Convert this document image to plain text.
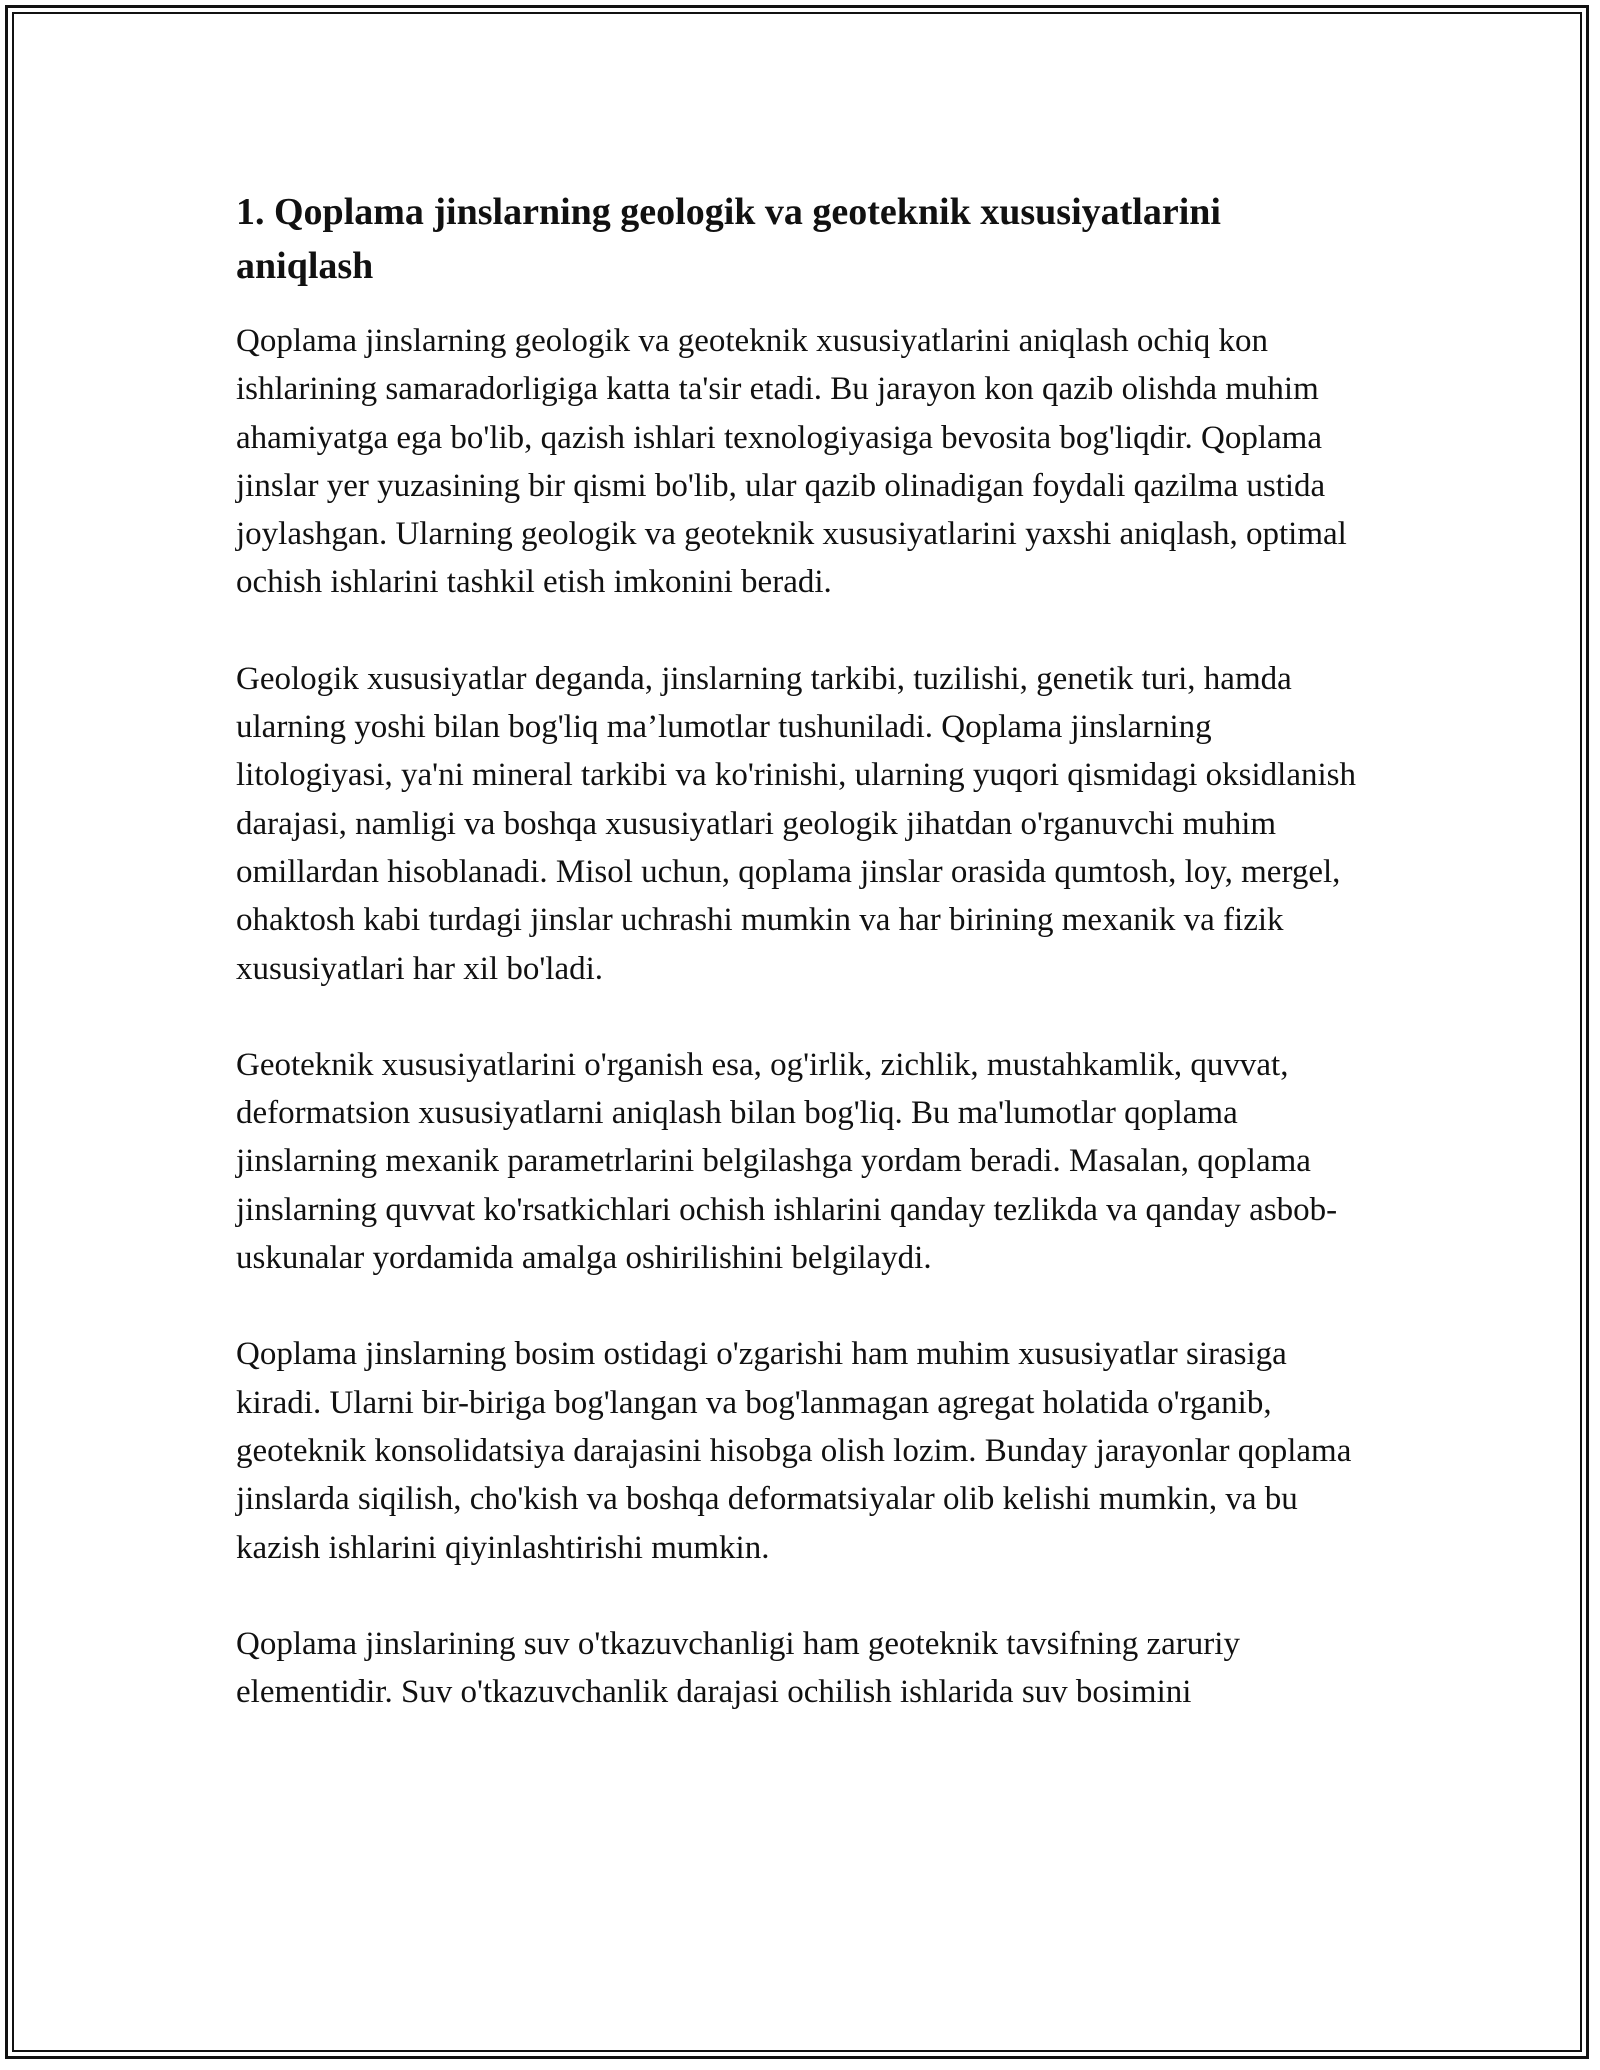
1. Qoplama jinslarning geologik va geoteknik xususiyatlarini aniqlash

Qoplama jinslarning geologik va geoteknik xususiyatlarini aniqlash ochiq kon ishlarining samaradorligiga katta ta'sir etadi. Bu jarayon kon qazib olishda muhim ahamiyatga ega bo'lib, qazish ishlari texnologiyasiga bevosita bog'liqdir. Qoplama jinslar yer yuzasining bir qismi bo'lib, ular qazib olinadigan foydali qazilma ustida joylashgan. Ularning geologik va geoteknik xususiyatlarini yaxshi aniqlash, optimal ochish ishlarini tashkil etish imkonini beradi.

Geologik xususiyatlar deganda, jinslarning tarkibi, tuzilishi, genetik turi, hamda ularning yoshi bilan bog'liq ma’lumotlar tushuniladi. Qoplama jinslarning litologiyasi, ya'ni mineral tarkibi va ko'rinishi, ularning yuqori qismidagi oksidlanish darajasi, namligi va boshqa xususiyatlari geologik jihatdan o'rganuvchi muhim omillardan hisoblanadi. Misol uchun, qoplama jinslar orasida qumtosh, loy, mergel, ohaktosh kabi turdagi jinslar uchrashi mumkin va har birining mexanik va fizik xususiyatlari har xil bo'ladi.

Geoteknik xususiyatlarini o'rganish esa, og'irlik, zichlik, mustahkamlik, quvvat, deformatsion xususiyatlarni aniqlash bilan bog'liq. Bu ma'lumotlar qoplama jinslarning mexanik parametrlarini belgilashga yordam beradi. Masalan, qoplama jinslarning quvvat ko'rsatkichlari ochish ishlarini qanday tezlikda va qanday asbob-uskunalar yordamida amalga oshirilishini belgilaydi.

Qoplama jinslarning bosim ostidagi o'zgarishi ham muhim xususiyatlar sirasiga kiradi. Ularni bir-biriga bog'langan va bog'lanmagan agregat holatida o'rganib, geoteknik konsolidatsiya darajasini hisobga olish lozim. Bunday jarayonlar qoplama jinslarda siqilish, cho'kish va boshqa deformatsiyalar olib kelishi mumkin, va bu kazish ishlarini qiyinlashtirishi mumkin.

Qoplama jinslarining suv o'tkazuvchanligi ham geoteknik tavsifning zaruriy elementidir. Suv o'tkazuvchanlik darajasi ochilish ishlarida suv bosimini
